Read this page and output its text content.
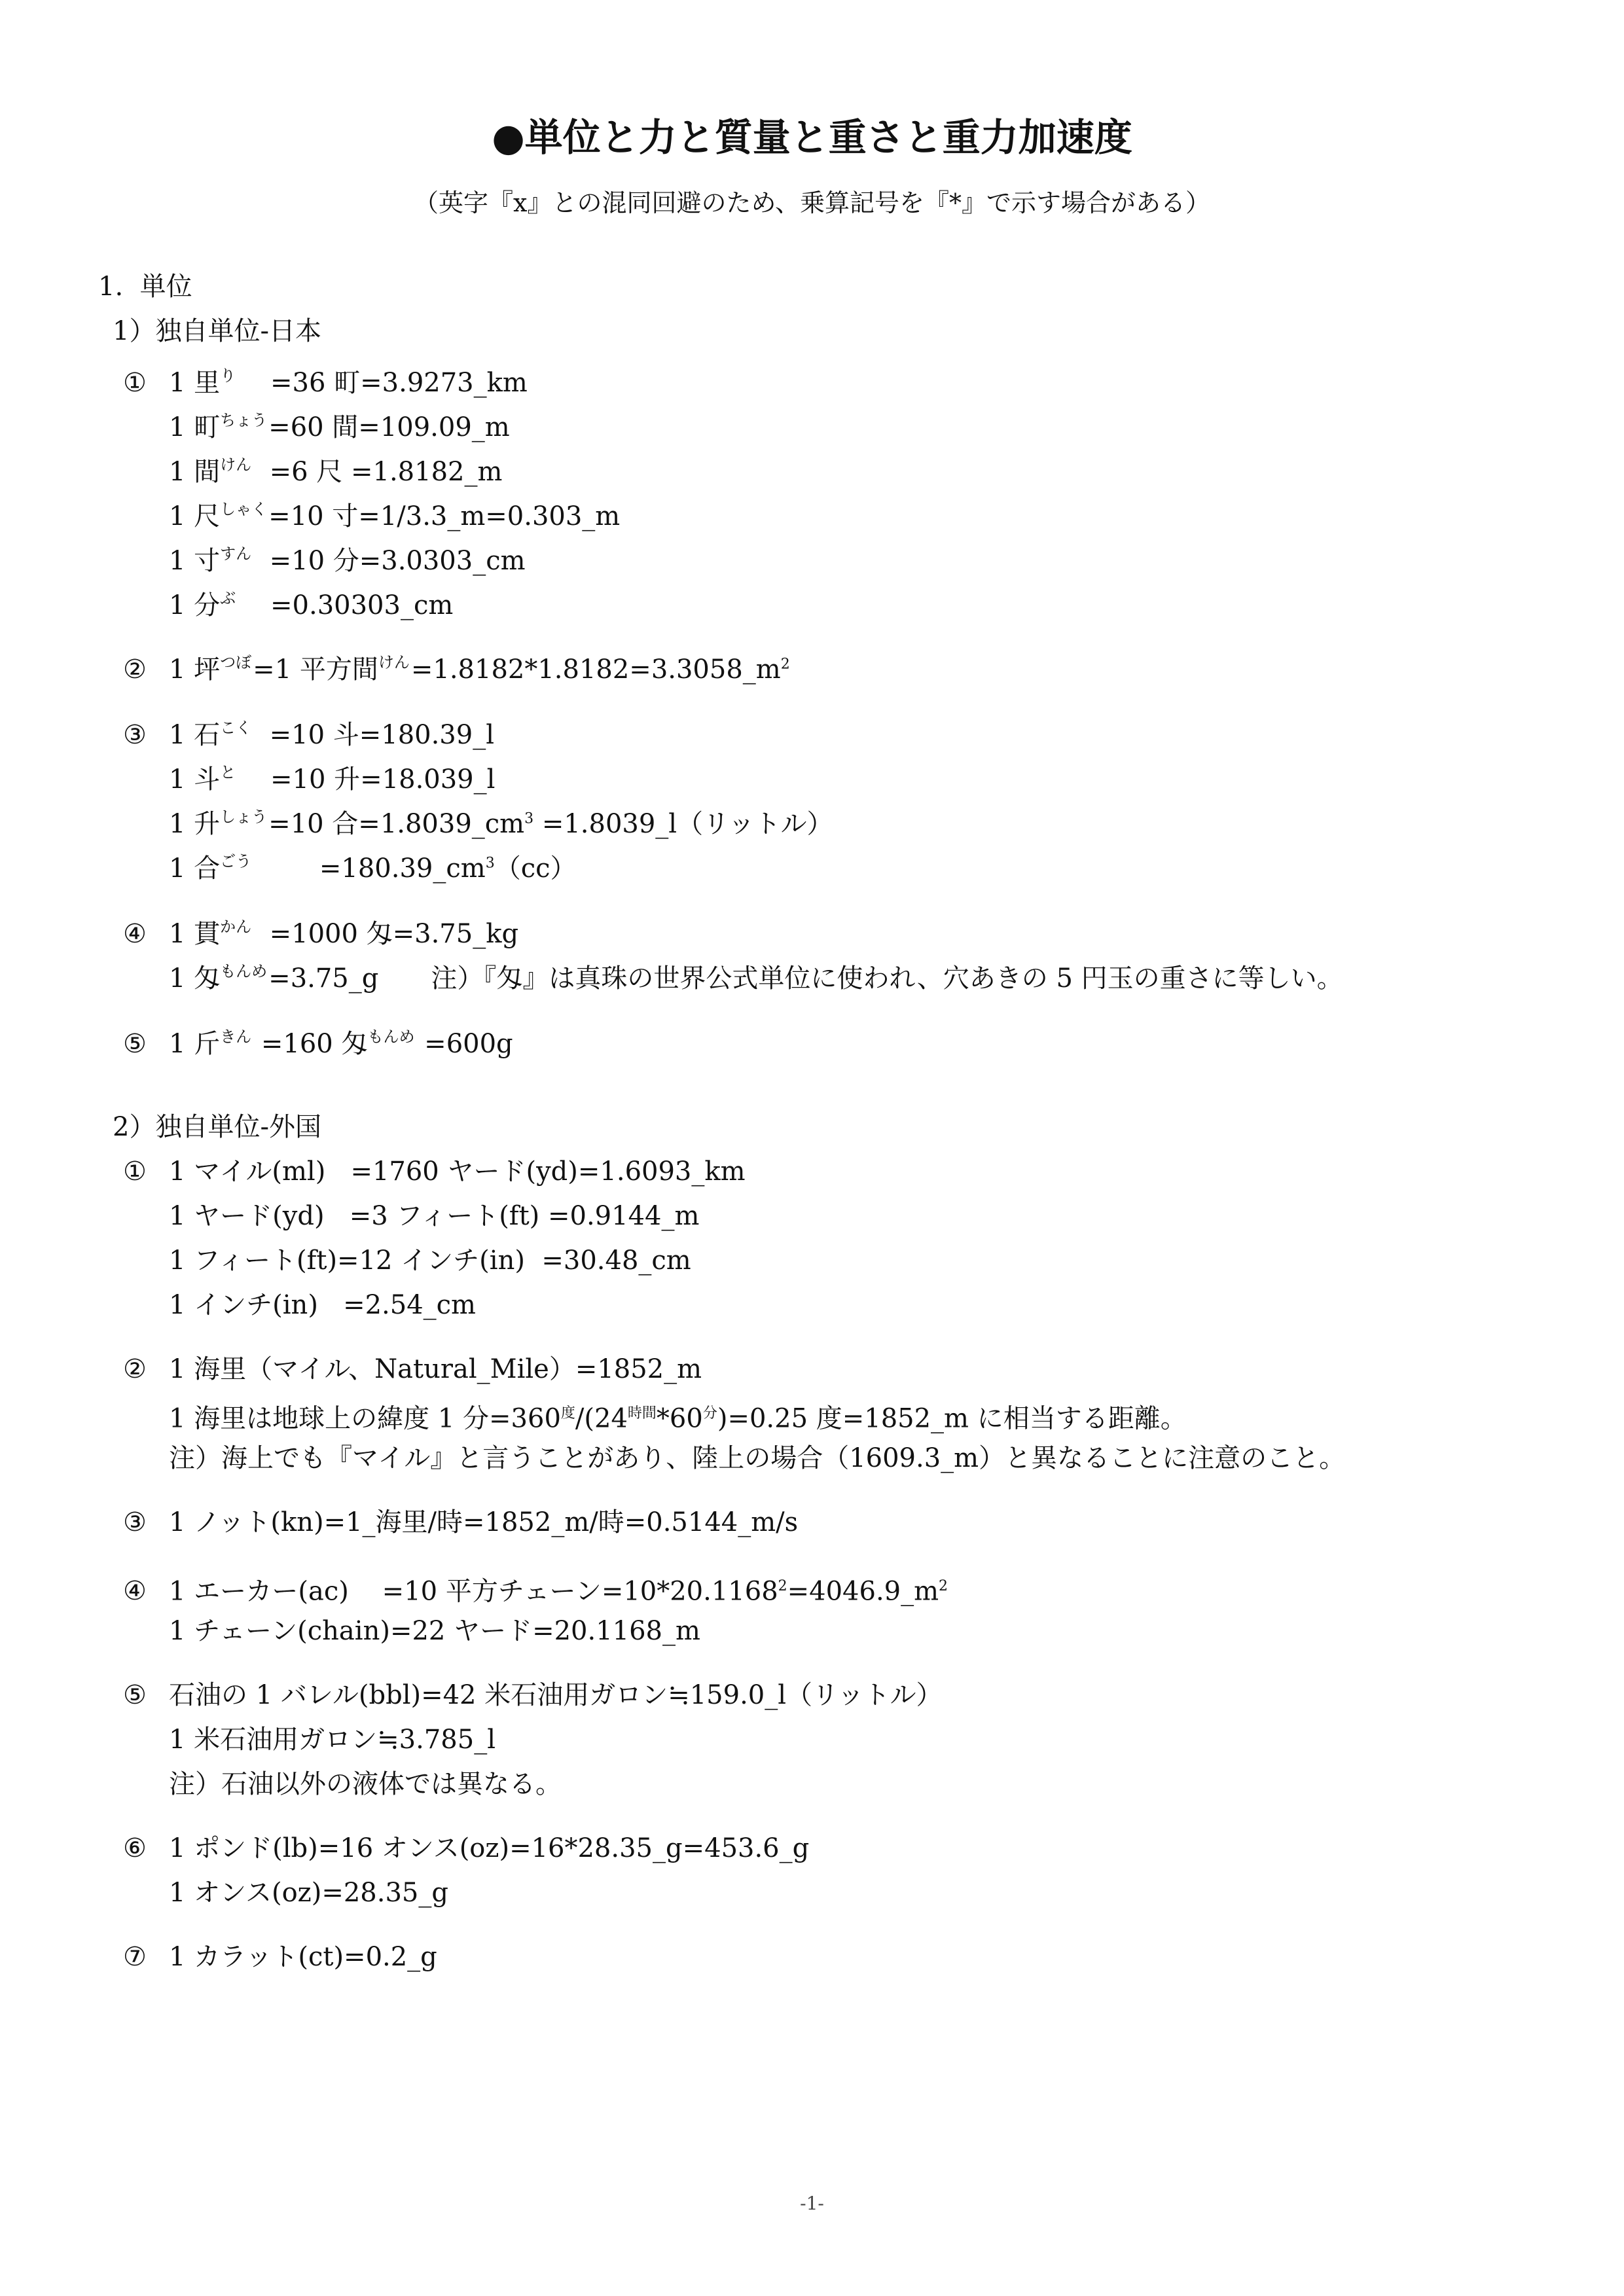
●単位と力と質量と重さと重力加速度
（英字『x』との混同回避のため、乗算記号を『*』で示す場合がある）
1.  単位
1）独自単位-日本
① 1 里$^り$    =36 町=3.9273_km
1 町$^{ちょう}$=60 間=109.09_m
1 間$^{けん}$  =6 尺 =1.8182_m
1 尺$^{しゃく}$=10 寸=1/3.3_m=0.303_m
1 寸$^{すん}$  =10 分=3.0303_cm
1 分$^ぶ$    =0.30303_cm
② 1 坪$^{つぼ}$=1 平方間$^{けん}=1.8182*1.8182=3.3058\_m^2$
③ 1 石$^{こく}$  =10 斗=180.39_l
1 斗$^と$    =10 升=18.039_l
1 升$^{しょう}$=10 合$=1.8039\_cm^3$ =1.8039_l（リットル）
1 合$^{ごう}$        $=180.39\_cm^3(cc)$
④ 1 貫$^{かん}$  =1000 匁=3.75_kg
1 匁$^{もんめ}$=3.75_g 注）『匁』は真珠の世界公式単位に使われ、穴あきの 5 円玉の重さに等しい。
⑤ 1 斤$^{きん}$ =160 匁$^{もんめ}$ =600g
2）独自単位-外国
① 1 マイル(ml)   =1760 ヤード(yd)=1.6093_km
1 ヤード(yd)   =3 フィート(ft) =0.9144_m
1 フィート(ft)=12 インチ(in)  =30.48_cm
1 インチ(in)   =2.54_cm
② 1 海里（マイル、Natural_Mile）=1852_m
1 海里は地球上の緯度 1 分$=360^度/(24^{時間}*60^分)=0.25$ 度=1852_m に相当する距離。
注）海上でも『マイル』と言うことがあり、陸上の場合（1609.3_m）と異なることに注意のこと。
③ 1 ノット(kn)=1_海里/時=1852_m/時=0.5144_m/s
④ 1 エーカー(ac)    =10 平方チェーン$=10*20.1168^2=4046.9\_m^2$
1 チェーン(chain)=22 ヤード=20.1168_m
⑤ 石油の 1 バレル(bbl)=42 米石油用ガロン≒159.0_l（リットル）
1 米石油用ガロン≒3.785_l
注）石油以外の液体では異なる。
⑥ 1 ポンド(lb)=16 オンス(oz)=16*28.35_g=453.6_g
1 オンス(oz)=28.35_g
⑦ 1 カラット(ct)=0.2_g
-1-
